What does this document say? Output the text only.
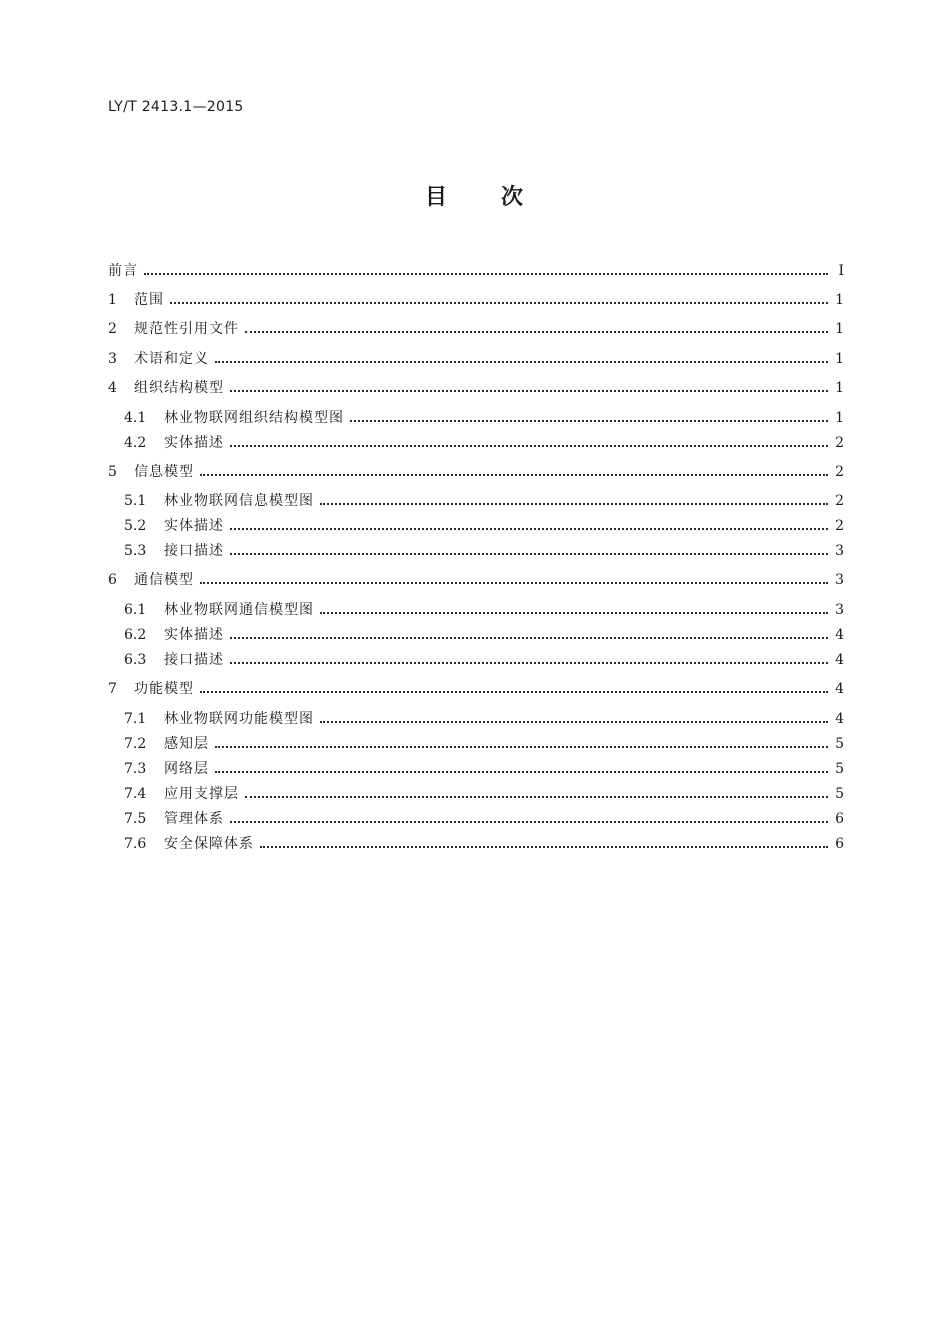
LY/T 2413.1—2015
目 次
前言	Ⅰ
1	范围	1
2	规范性引用文件	1
3	术语和定义	1
4	组织结构模型	1
4.1	林业物联网组织结构模型图	1
4.2	实体描述	2
5	信息模型	2
5.1	林业物联网信息模型图	2
5.2	实体描述	2
5.3	接口描述	3
6	通信模型	3
6.1	林业物联网通信模型图	3
6.2	实体描述	4
6.3	接口描述	4
7	功能模型	4
7.1	林业物联网功能模型图	4
7.2	感知层	5
7.3	网络层	5
7.4	应用支撑层	5
7.5	管理体系	6
7.6	安全保障体系	6
